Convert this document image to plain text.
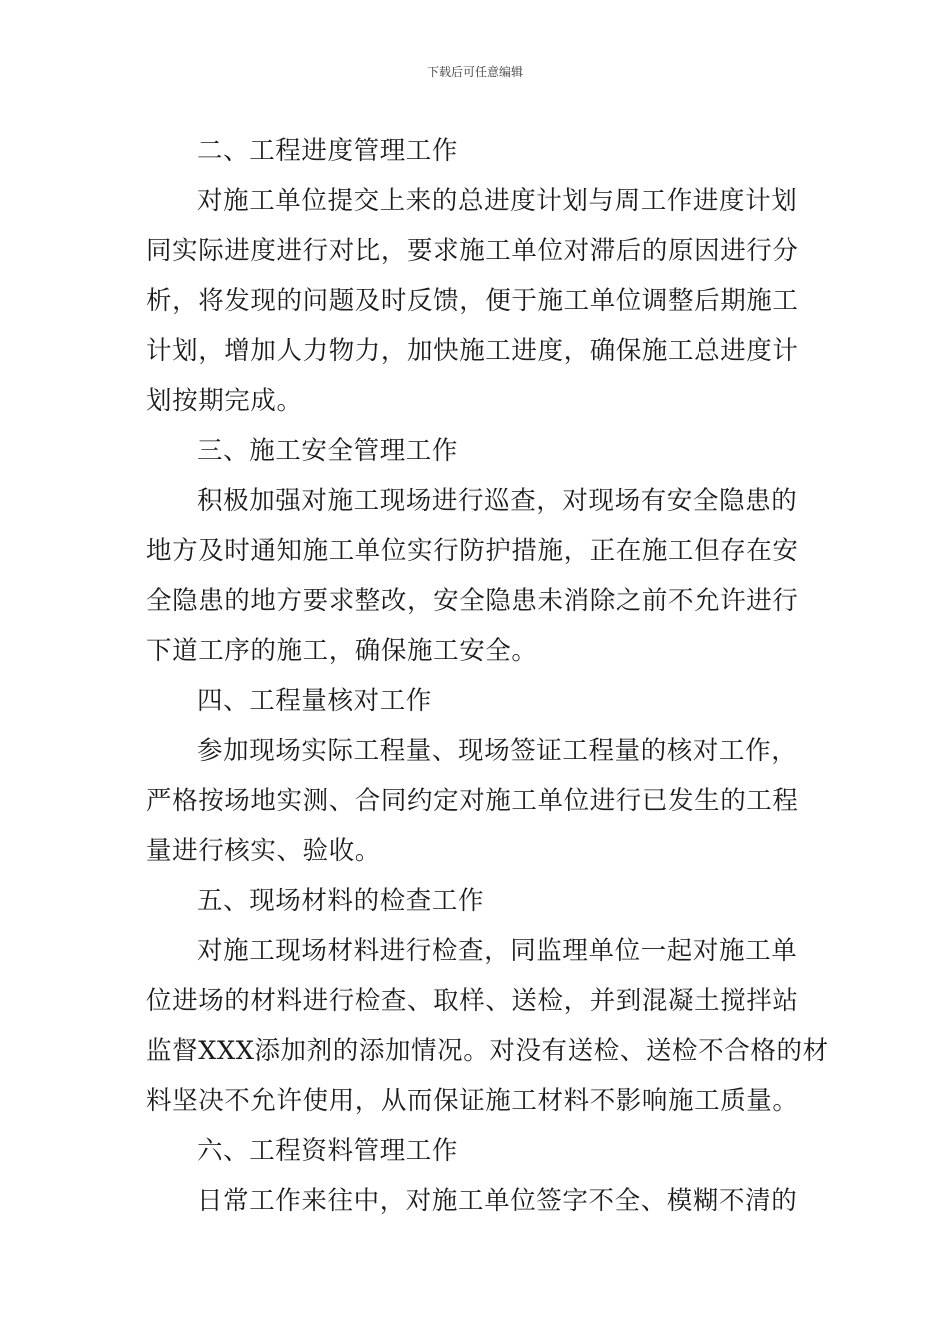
下载后可任意编辑
二、工程进度管理工作
对施工单位提交上来的总进度计划与周工作进度计划
同实际进度进行对比，要求施工单位对滞后的原因进行分
析，将发现的问题及时反馈，便于施工单位调整后期施工
计划，增加人力物力，加快施工进度，确保施工总进度计
划按期完成。
三、施工安全管理工作
积极加强对施工现场进行巡查，对现场有安全隐患的
地方及时通知施工单位实行防护措施，正在施工但存在安
全隐患的地方要求整改，安全隐患未消除之前不允许进行
下道工序的施工，确保施工安全。
四、工程量核对工作
参加现场实际工程量、现场签证工程量的核对工作，
严格按场地实测、合同约定对施工单位进行已发生的工程
量进行核实、验收。
五、现场材料的检查工作
对施工现场材料进行检查，同监理单位一起对施工单
位进场的材料进行检查、取样、送检，并到混凝土搅拌站
监督XXX添加剂的添加情况。对没有送检、送检不合格的材
料坚决不允许使用，从而保证施工材料不影响施工质量。
六、工程资料管理工作
日常工作来往中，对施工单位签字不全、模糊不清的
